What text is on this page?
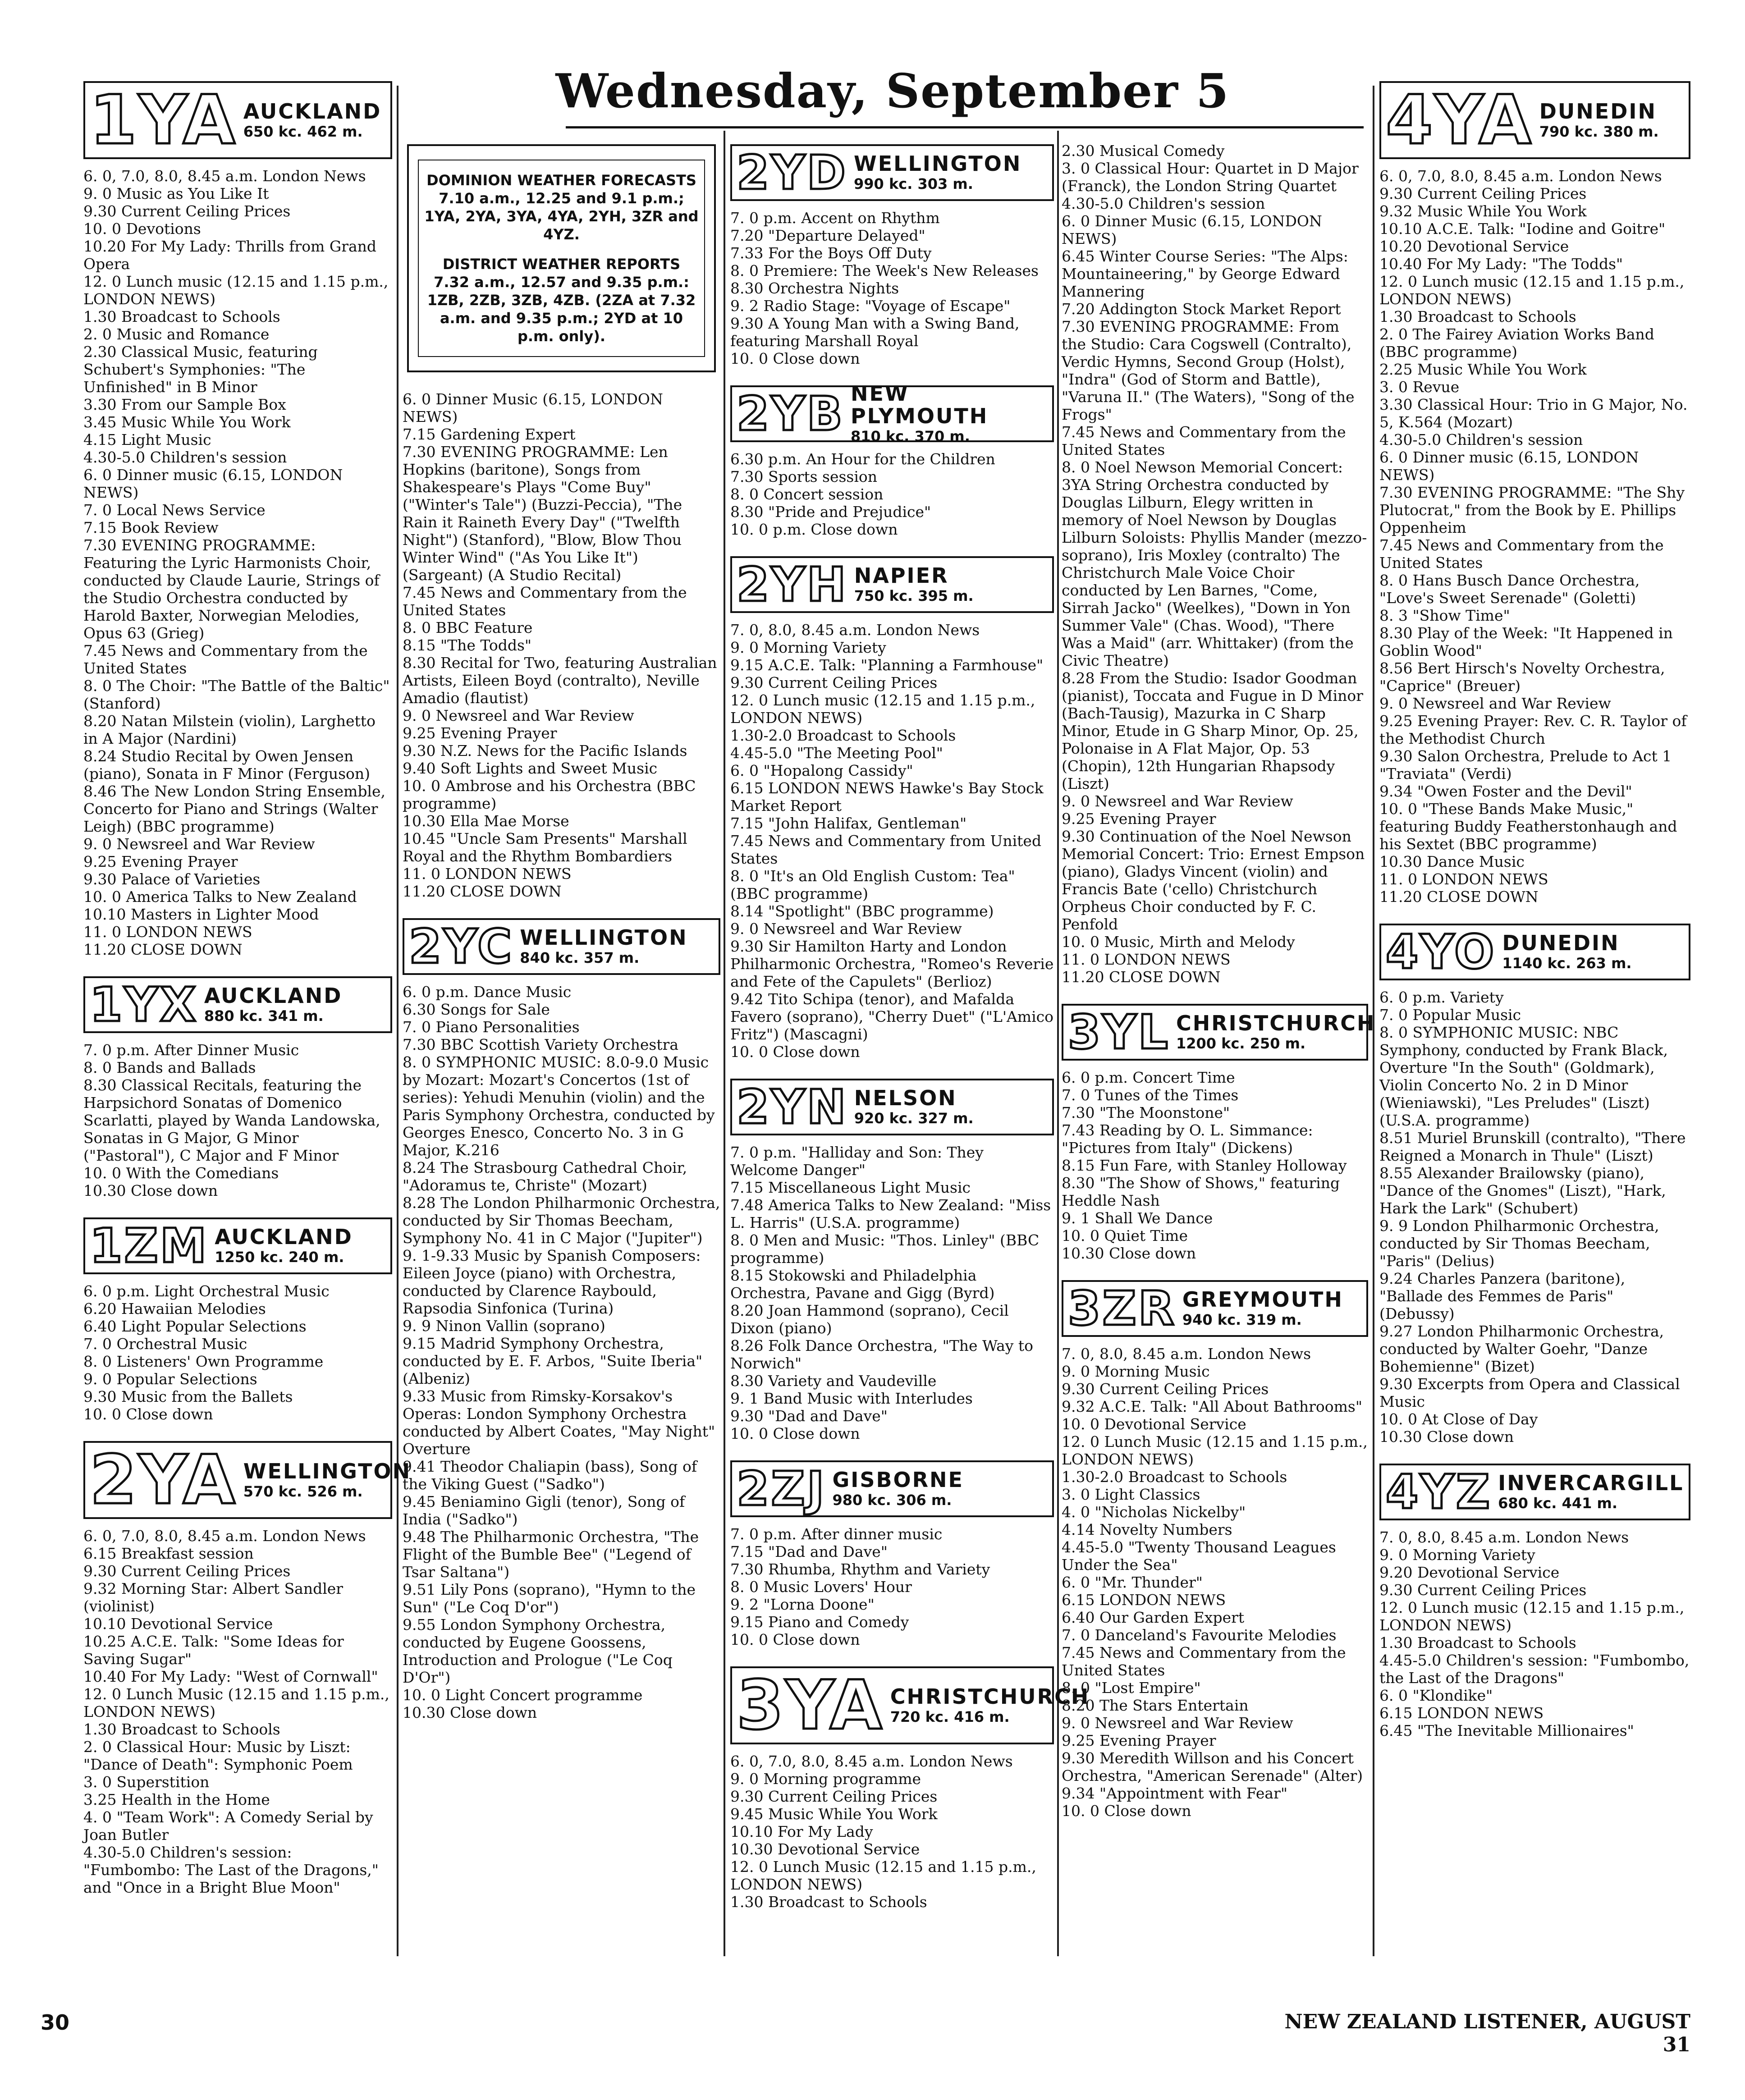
Wednesday, September 5
1YA AUCKLAND
650 kc. 462 m.

6. 0, 7.0, 8.0, 8.45 a.m. London News

9. 0 Music as You Like It

9.30 Current Ceiling Prices

10. 0 Devotions

10.20 For My Lady: Thrills from Grand Opera

12. 0 Lunch music (12.15 and 1.15 p.m., LONDON NEWS)

1.30 Broadcast to Schools

2. 0 Music and Romance

2.30 Classical Music, featuring Schubert's Symphonies: "The Unfinished" in B Minor

3.30 From our Sample Box

3.45 Music While You Work

4.15 Light Music

4.30-5.0 Children's session

6. 0 Dinner music (6.15, LONDON NEWS)

7. 0 Local News Service

7.15 Book Review

7.30 EVENING PROGRAMME: Featuring the Lyric Harmonists Choir, conducted by Claude Laurie, Strings of the Studio Orchestra conducted by Harold Baxter, Norwegian Melodies, Opus 63 (Grieg)

7.45 News and Commentary from the United States

8. 0 The Choir: "The Battle of the Baltic" (Stanford)

8.20 Natan Milstein (violin), Larghetto in A Major (Nardini)

8.24 Studio Recital by Owen Jensen (piano), Sonata in F Minor (Ferguson)

8.46 The New London String Ensemble, Concerto for Piano and Strings (Walter Leigh) (BBC programme)

9. 0 Newsreel and War Review

9.25 Evening Prayer

9.30 Palace of Varieties

10. 0 America Talks to New Zealand

10.10 Masters in Lighter Mood

11. 0 LONDON NEWS

11.20 CLOSE DOWN

1YX AUCKLAND
880 kc. 341 m.

7. 0 p.m. After Dinner Music

8. 0 Bands and Ballads

8.30 Classical Recitals, featuring the Harpsichord Sonatas of Domenico Scarlatti, played by Wanda Landowska, Sonatas in G Major, G Minor ("Pastoral"), C Major and F Minor

10. 0 With the Comedians

10.30 Close down

1ZM AUCKLAND
1250 kc. 240 m.

6. 0 p.m. Light Orchestral Music

6.20 Hawaiian Melodies

6.40 Light Popular Selections

7. 0 Orchestral Music

8. 0 Listeners' Own Programme

9. 0 Popular Selections

9.30 Music from the Ballets

10. 0 Close down

2YA WELLINGTON
570 kc. 526 m.

6. 0, 7.0, 8.0, 8.45 a.m. London News

6.15 Breakfast session

9.30 Current Ceiling Prices

9.32 Morning Star: Albert Sandler (violinist)

10.10 Devotional Service

10.25 A.C.E. Talk: "Some Ideas for Saving Sugar"

10.40 For My Lady: "West of Cornwall"

12. 0 Lunch Music (12.15 and 1.15 p.m., LONDON NEWS)

1.30 Broadcast to Schools

2. 0 Classical Hour: Music by Liszt: "Dance of Death": Symphonic Poem

3. 0 Superstition

3.25 Health in the Home

4. 0 "Team Work": A Comedy Serial by Joan Butler

4.30-5.0 Children's session: "Fumbombo: The Last of the Dragons," and "Once in a Bright Blue Moon"

DOMINION WEATHER FORECASTS
7.10 a.m., 12.25 and 9.1 p.m.; 1YA, 2YA, 3YA, 4YA, 2YH, 3ZR and 4YZ.
DISTRICT WEATHER REPORTS
7.32 a.m., 12.57 and 9.35 p.m.: 1ZB, 2ZB, 3ZB, 4ZB. (2ZA at 7.32 a.m. and 9.35 p.m.; 2YD at 10 p.m. only).

6. 0 Dinner Music (6.15, LONDON NEWS)

7.15 Gardening Expert

7.30 EVENING PROGRAMME: Len Hopkins (baritone), Songs from Shakespeare's Plays "Come Buy" ("Winter's Tale") (Buzzi-Peccia), "The Rain it Raineth Every Day" ("Twelfth Night") (Stanford), "Blow, Blow Thou Winter Wind" ("As You Like It") (Sargeant) (A Studio Recital)

7.45 News and Commentary from the United States

8. 0 BBC Feature

8.15 "The Todds"

8.30 Recital for Two, featuring Australian Artists, Eileen Boyd (contralto), Neville Amadio (flautist)

9. 0 Newsreel and War Review

9.25 Evening Prayer

9.30 N.Z. News for the Pacific Islands

9.40 Soft Lights and Sweet Music

10. 0 Ambrose and his Orchestra (BBC programme)

10.30 Ella Mae Morse

10.45 "Uncle Sam Presents" Marshall Royal and the Rhythm Bombardiers

11. 0 LONDON NEWS

11.20 CLOSE DOWN

2YC WELLINGTON
840 kc. 357 m.

6. 0 p.m. Dance Music

6.30 Songs for Sale

7. 0 Piano Personalities

7.30 BBC Scottish Variety Orchestra

8. 0 SYMPHONIC MUSIC: 8.0-9.0 Music by Mozart: Mozart's Concertos (1st of series): Yehudi Menuhin (violin) and the Paris Symphony Orchestra, conducted by Georges Enesco, Concerto No. 3 in G Major, K.216

8.24 The Strasbourg Cathedral Choir, "Adoramus te, Christe" (Mozart)

8.28 The London Philharmonic Orchestra, conducted by Sir Thomas Beecham, Symphony No. 41 in C Major ("Jupiter")

9. 1-9.33 Music by Spanish Composers: Eileen Joyce (piano) with Orchestra, conducted by Clarence Raybould, Rapsodia Sinfonica (Turina)

9. 9 Ninon Vallin (soprano)

9.15 Madrid Symphony Orchestra, conducted by E. F. Arbos, "Suite Iberia" (Albeniz)

9.33 Music from Rimsky-Korsakov's Operas: London Symphony Orchestra conducted by Albert Coates, "May Night" Overture

9.41 Theodor Chaliapin (bass), Song of the Viking Guest ("Sadko")

9.45 Beniamino Gigli (tenor), Song of India ("Sadko")

9.48 The Philharmonic Orchestra, "The Flight of the Bumble Bee" ("Legend of Tsar Saltana")

9.51 Lily Pons (soprano), "Hymn to the Sun" ("Le Coq D'or")

9.55 London Symphony Orchestra, conducted by Eugene Goossens, Introduction and Prologue ("Le Coq D'Or")

10. 0 Light Concert programme

10.30 Close down

2YD WELLINGTON
990 kc. 303 m.

7. 0 p.m. Accent on Rhythm

7.20 "Departure Delayed"

7.33 For the Boys Off Duty

8. 0 Premiere: The Week's New Releases

8.30 Orchestra Nights

9. 2 Radio Stage: "Voyage of Escape"

9.30 A Young Man with a Swing Band, featuring Marshall Royal

10. 0 Close down

2YB NEW PLYMOUTH
810 kc. 370 m.

6.30 p.m. An Hour for the Children

7.30 Sports session

8. 0 Concert session

8.30 "Pride and Prejudice"

10. 0 p.m. Close down

2YH NAPIER
750 kc. 395 m.

7. 0, 8.0, 8.45 a.m. London News

9. 0 Morning Variety

9.15 A.C.E. Talk: "Planning a Farmhouse"

9.30 Current Ceiling Prices

12. 0 Lunch music (12.15 and 1.15 p.m., LONDON NEWS)

1.30-2.0 Broadcast to Schools

4.45-5.0 "The Meeting Pool"

6. 0 "Hopalong Cassidy"

6.15 LONDON NEWS Hawke's Bay Stock Market Report

7.15 "John Halifax, Gentleman"

7.45 News and Commentary from United States

8. 0 "It's an Old English Custom: Tea" (BBC programme)

8.14 "Spotlight" (BBC programme)

9. 0 Newsreel and War Review

9.30 Sir Hamilton Harty and London Philharmonic Orchestra, "Romeo's Reverie and Fete of the Capulets" (Berlioz)

9.42 Tito Schipa (tenor), and Mafalda Favero (soprano), "Cherry Duet" ("L'Amico Fritz") (Mascagni)

10. 0 Close down

2YN NELSON
920 kc. 327 m.

7. 0 p.m. "Halliday and Son: They Welcome Danger"

7.15 Miscellaneous Light Music

7.48 America Talks to New Zealand: "Miss L. Harris" (U.S.A. programme)

8. 0 Men and Music: "Thos. Linley" (BBC programme)

8.15 Stokowski and Philadelphia Orchestra, Pavane and Gigg (Byrd)

8.20 Joan Hammond (soprano), Cecil Dixon (piano)

8.26 Folk Dance Orchestra, "The Way to Norwich"

8.30 Variety and Vaudeville

9. 1 Band Music with Interludes

9.30 "Dad and Dave"

10. 0 Close down

2ZJ GISBORNE
980 kc. 306 m.

7. 0 p.m. After dinner music

7.15 "Dad and Dave"

7.30 Rhumba, Rhythm and Variety

8. 0 Music Lovers' Hour

9. 2 "Lorna Doone"

9.15 Piano and Comedy

10. 0 Close down

3YA CHRISTCHURCH
720 kc. 416 m.

6. 0, 7.0, 8.0, 8.45 a.m. London News

9. 0 Morning programme

9.30 Current Ceiling Prices

9.45 Music While You Work

10.10 For My Lady

10.30 Devotional Service

12. 0 Lunch Music (12.15 and 1.15 p.m., LONDON NEWS)

1.30 Broadcast to Schools

2.30 Musical Comedy

3. 0 Classical Hour: Quartet in D Major (Franck), the London String Quartet

4.30-5.0 Children's session

6. 0 Dinner Music (6.15, LONDON NEWS)

6.45 Winter Course Series: "The Alps: Mountaineering," by George Edward Mannering

7.20 Addington Stock Market Report

7.30 EVENING PROGRAMME: From the Studio: Cara Cogswell (Contralto), Verdic Hymns, Second Group (Holst), "Indra" (God of Storm and Battle), "Varuna II." (The Waters), "Song of the Frogs"

7.45 News and Commentary from the United States

8. 0 Noel Newson Memorial Concert: 3YA String Orchestra conducted by Douglas Lilburn, Elegy written in memory of Noel Newson by Douglas Lilburn Soloists: Phyllis Mander (mezzo-soprano), Iris Moxley (contralto) The Christchurch Male Voice Choir conducted by Len Barnes, "Come, Sirrah Jacko" (Weelkes), "Down in Yon Summer Vale" (Chas. Wood), "There Was a Maid" (arr. Whittaker) (from the Civic Theatre)

8.28 From the Studio: Isador Goodman (pianist), Toccata and Fugue in D Minor (Bach-Tausig), Mazurka in C Sharp Minor, Etude in G Sharp Minor, Op. 25, Polonaise in A Flat Major, Op. 53 (Chopin), 12th Hungarian Rhapsody (Liszt)

9. 0 Newsreel and War Review

9.25 Evening Prayer

9.30 Continuation of the Noel Newson Memorial Concert: Trio: Ernest Empson (piano), Gladys Vincent (violin) and Francis Bate ('cello) Christchurch Orpheus Choir conducted by F. C. Penfold

10. 0 Music, Mirth and Melody

11. 0 LONDON NEWS

11.20 CLOSE DOWN

3YL CHRISTCHURCH
1200 kc. 250 m.

6. 0 p.m. Concert Time

7. 0 Tunes of the Times

7.30 "The Moonstone"

7.43 Reading by O. L. Simmance: "Pictures from Italy" (Dickens)

8.15 Fun Fare, with Stanley Holloway

8.30 "The Show of Shows," featuring Heddle Nash

9. 1 Shall We Dance

10. 0 Quiet Time

10.30 Close down

3ZR GREYMOUTH
940 kc. 319 m.

7. 0, 8.0, 8.45 a.m. London News

9. 0 Morning Music

9.30 Current Ceiling Prices

9.32 A.C.E. Talk: "All About Bathrooms"

10. 0 Devotional Service

12. 0 Lunch Music (12.15 and 1.15 p.m., LONDON NEWS)

1.30-2.0 Broadcast to Schools

3. 0 Light Classics

4. 0 "Nicholas Nickelby"

4.14 Novelty Numbers

4.45-5.0 "Twenty Thousand Leagues Under the Sea"

6. 0 "Mr. Thunder"

6.15 LONDON NEWS

6.40 Our Garden Expert

7. 0 Danceland's Favourite Melodies

7.45 News and Commentary from the United States

8. 0 "Lost Empire"

8.20 The Stars Entertain

9. 0 Newsreel and War Review

9.25 Evening Prayer

9.30 Meredith Willson and his Concert Orchestra, "American Serenade" (Alter)

9.34 "Appointment with Fear"

10. 0 Close down

4YA DUNEDIN
790 kc. 380 m.

6. 0, 7.0, 8.0, 8.45 a.m. London News

9.30 Current Ceiling Prices

9.32 Music While You Work

10.10 A.C.E. Talk: "Iodine and Goitre"

10.20 Devotional Service

10.40 For My Lady: "The Todds"

12. 0 Lunch music (12.15 and 1.15 p.m., LONDON NEWS)

1.30 Broadcast to Schools

2. 0 The Fairey Aviation Works Band (BBC programme)

2.25 Music While You Work

3. 0 Revue

3.30 Classical Hour: Trio in G Major, No. 5, K.564 (Mozart)

4.30-5.0 Children's session

6. 0 Dinner music (6.15, LONDON NEWS)

7.30 EVENING PROGRAMME: "The Shy Plutocrat," from the Book by E. Phillips Oppenheim

7.45 News and Commentary from the United States

8. 0 Hans Busch Dance Orchestra, "Love's Sweet Serenade" (Goletti)

8. 3 "Show Time"

8.30 Play of the Week: "It Happened in Goblin Wood"

8.56 Bert Hirsch's Novelty Orchestra, "Caprice" (Breuer)

9. 0 Newsreel and War Review

9.25 Evening Prayer: Rev. C. R. Taylor of the Methodist Church

9.30 Salon Orchestra, Prelude to Act 1 "Traviata" (Verdi)

9.34 "Owen Foster and the Devil"

10. 0 "These Bands Make Music," featuring Buddy Featherstonhaugh and his Sextet (BBC programme)

10.30 Dance Music

11. 0 LONDON NEWS

11.20 CLOSE DOWN

4YO DUNEDIN
1140 kc. 263 m.

6. 0 p.m. Variety

7. 0 Popular Music

8. 0 SYMPHONIC MUSIC: NBC Symphony, conducted by Frank Black, Overture "In the South" (Goldmark), Violin Concerto No. 2 in D Minor (Wieniawski), "Les Preludes" (Liszt) (U.S.A. programme)

8.51 Muriel Brunskill (contralto), "There Reigned a Monarch in Thule" (Liszt)

8.55 Alexander Brailowsky (piano), "Dance of the Gnomes" (Liszt), "Hark, Hark the Lark" (Schubert)

9. 9 London Philharmonic Orchestra, conducted by Sir Thomas Beecham, "Paris" (Delius)

9.24 Charles Panzera (baritone), "Ballade des Femmes de Paris" (Debussy)

9.27 London Philharmonic Orchestra, conducted by Walter Goehr, "Danze Bohemienne" (Bizet)

9.30 Excerpts from Opera and Classical Music

10. 0 At Close of Day

10.30 Close down

4YZ INVERCARGILL
680 kc. 441 m.

7. 0, 8.0, 8.45 a.m. London News

9. 0 Morning Variety

9.20 Devotional Service

9.30 Current Ceiling Prices

12. 0 Lunch music (12.15 and 1.15 p.m., LONDON NEWS)

1.30 Broadcast to Schools

4.45-5.0 Children's session: "Fumbombo, the Last of the Dragons"

6. 0 "Klondike"

6.15 LONDON NEWS

6.45 "The Inevitable Millionaires"

30	NEW ZEALAND LISTENER, AUGUST 31
